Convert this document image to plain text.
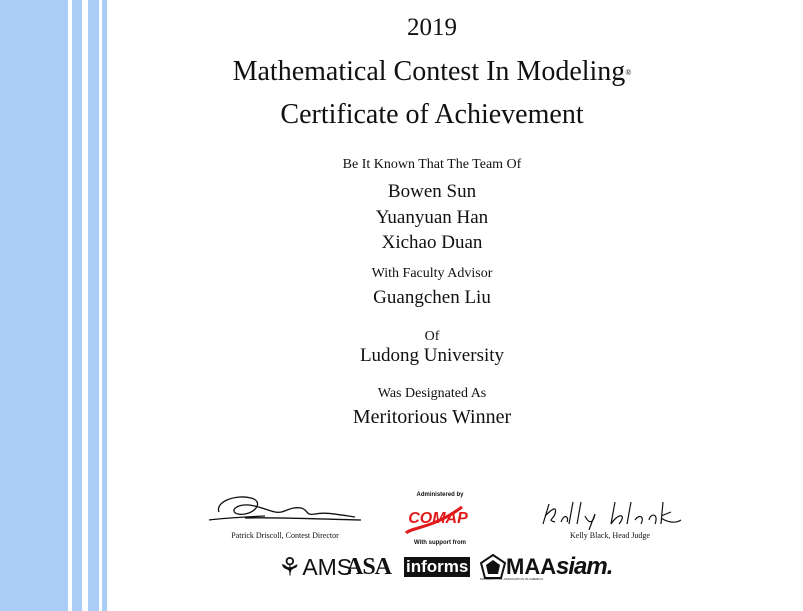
2019
Mathematical Contest In Modeling®
Certificate of Achievement
Be It Known That The Team Of
Bowen Sun
Yuanyuan Han
Xichao Duan
With Faculty Advisor
Guangchen Liu
Of
Ludong University
Was Designated As
Meritorious Winner
Patrick Driscoll, Contest Director
Administered by
COMAP
With support from
Kelly Black, Head Judge
⚘ AMS
ASA informs MAA
MATHEMATICAL ASSOCIATION OF AMERICA siam.
